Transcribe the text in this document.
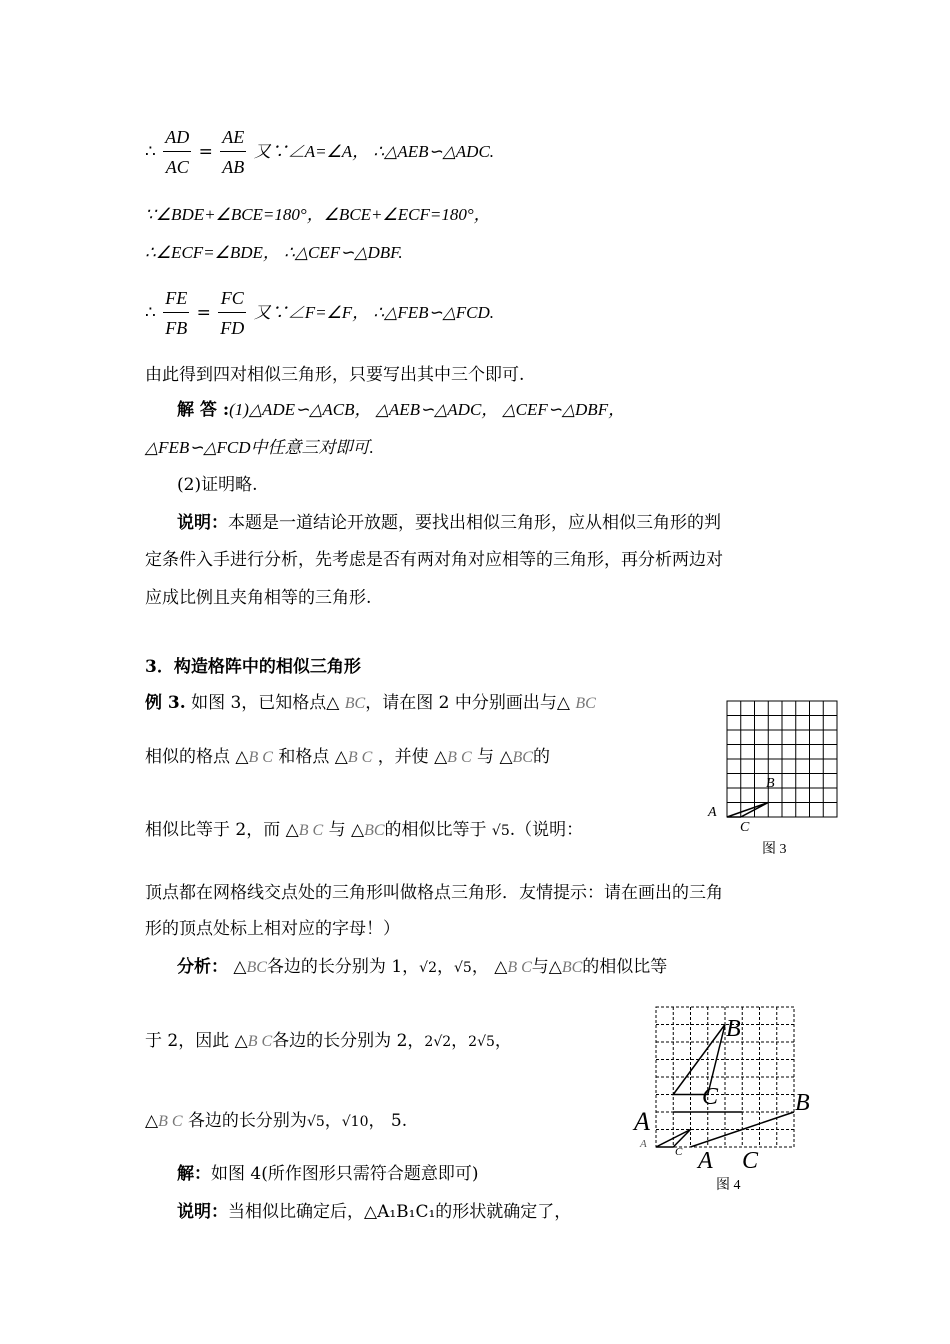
∴ $\frac{AD}{AC} = \frac{AE}{AB}$ 又∵∠A=∠A， ∴△AEB∽△ADC.
∵∠BDE+∠BCE=180°，∠BCE+∠ECF=180°，
∴∠ECF=∠BDE， ∴△CEF∽△DBF.
∴ $\frac{FE}{FB} = \frac{FC}{FD}$ 又∵∠F=∠F， ∴△FEB∽△FCD.
由此得到四对相似三角形，只要写出其中三个即可.
解 答 :(1)△ADE∽△ACB， △AEB∽△ADC， △CEF∽△DBF，
△FEB∽△FCD中任意三对即可.
(2)证明略.
说明：本题是一道结论开放题，要找出相似三角形，应从相似三角形的判
定条件入手进行分析，先考虑是否有两对角对应相等的三角形，再分析两边对
应成比例且夹角相等的三角形.
3．构造格阵中的相似三角形
例 3. 如图 3，已知格点△ BC，请在图 2 中分别画出与△ BC
相似的格点 △B C 和格点 △B C ，并使 △B C 与 △BC的
相似比等于 2，而 △B C 与 △BC的相似比等于 √5.（说明：
顶点都在网格线交点处的三角形叫做格点三角形．友情提示：请在画出的三角
形的顶点处标上相对应的字母！）
分析： △BC各边的长分别为 1，√2，√5， △B C与△BC的相似比等
于 2，因此 △B C各边的长分别为 2，2√2，2√5，
△B C 各边的长分别为√5，√10， 5.
解：如图 4(所作图形只需符合题意即可)
说明：当相似比确定后，△A₁B₁C₁的形状就确定了，
A
B
C
图 3
B
C
A
A
C A C
B
图 4
